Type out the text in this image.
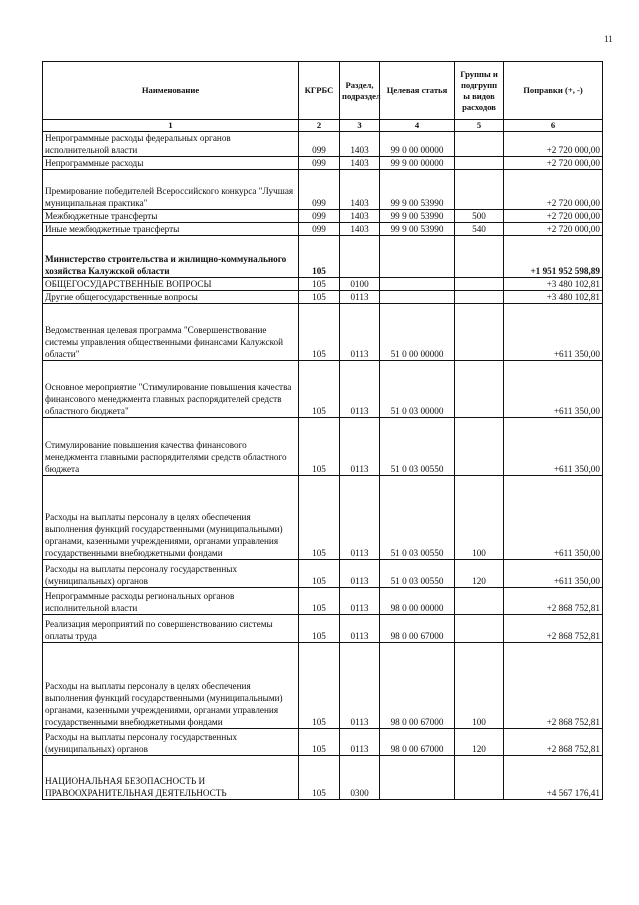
11
Наименование	КГРБС	Раздел, подраздел	Целевая статья	Группы и подгрупп ы видов расходов	Поправки (+, -)
1	2	3	4	5	6
Непрограммные расходы федеральных органов исполнительной власти	099	1403	99 0 00 00000		+2 720 000,00
Непрограммные расходы	099	1403	99 9 00 00000		+2 720 000,00
Премирование победителей Всероссийского конкурса "Лучшая муниципальная практика"	099	1403	99 9 00 53990		+2 720 000,00
Межбюджетные трансферты	099	1403	99 9 00 53990	500	+2 720 000,00
Иные межбюджетные трансферты	099	1403	99 9 00 53990	540	+2 720 000,00
Министерство строительства и жилищно-коммунального хозяйства Калужской области	105				+1 951 952 598,89
ОБЩЕГОСУДАРСТВЕННЫЕ ВОПРОСЫ	105	0100			+3 480 102,81
Другие общегосударственные вопросы	105	0113			+3 480 102,81
Ведомственная целевая программа "Совершенствование системы управления общественными финансами Калужской области"	105	0113	51 0 00 00000		+611 350,00
Основное мероприятие "Стимулирование повышения качества финансового менеджмента главных распорядителей средств областного бюджета"	105	0113	51 0 03 00000		+611 350,00
Стимулирование повышения качества финансового менеджмента главными распорядителями средств областного бюджета	105	0113	51 0 03 00550		+611 350,00
Расходы на выплаты персоналу в целях обеспечения выполнения функций государственными (муниципальными) органами, казенными учреждениями, органами управления государственными внебюджетными фондами	105	0113	51 0 03 00550	100	+611 350,00
Расходы на выплаты персоналу государственных (муниципальных) органов	105	0113	51 0 03 00550	120	+611 350,00
Непрограммные расходы региональных органов исполнительной власти	105	0113	98 0 00 00000		+2 868 752,81
Реализация мероприятий по совершенствованию системы оплаты труда	105	0113	98 0 00 67000		+2 868 752,81
Расходы на выплаты персоналу в целях обеспечения выполнения функций государственными (муниципальными) органами, казенными учреждениями, органами управления государственными внебюджетными фондами	105	0113	98 0 00 67000	100	+2 868 752,81
Расходы на выплаты персоналу государственных (муниципальных) органов	105	0113	98 0 00 67000	120	+2 868 752,81
НАЦИОНАЛЬНАЯ БЕЗОПАСНОСТЬ И ПРАВООХРАНИТЕЛЬНАЯ ДЕЯТЕЛЬНОСТЬ	105	0300			+4 567 176,41
